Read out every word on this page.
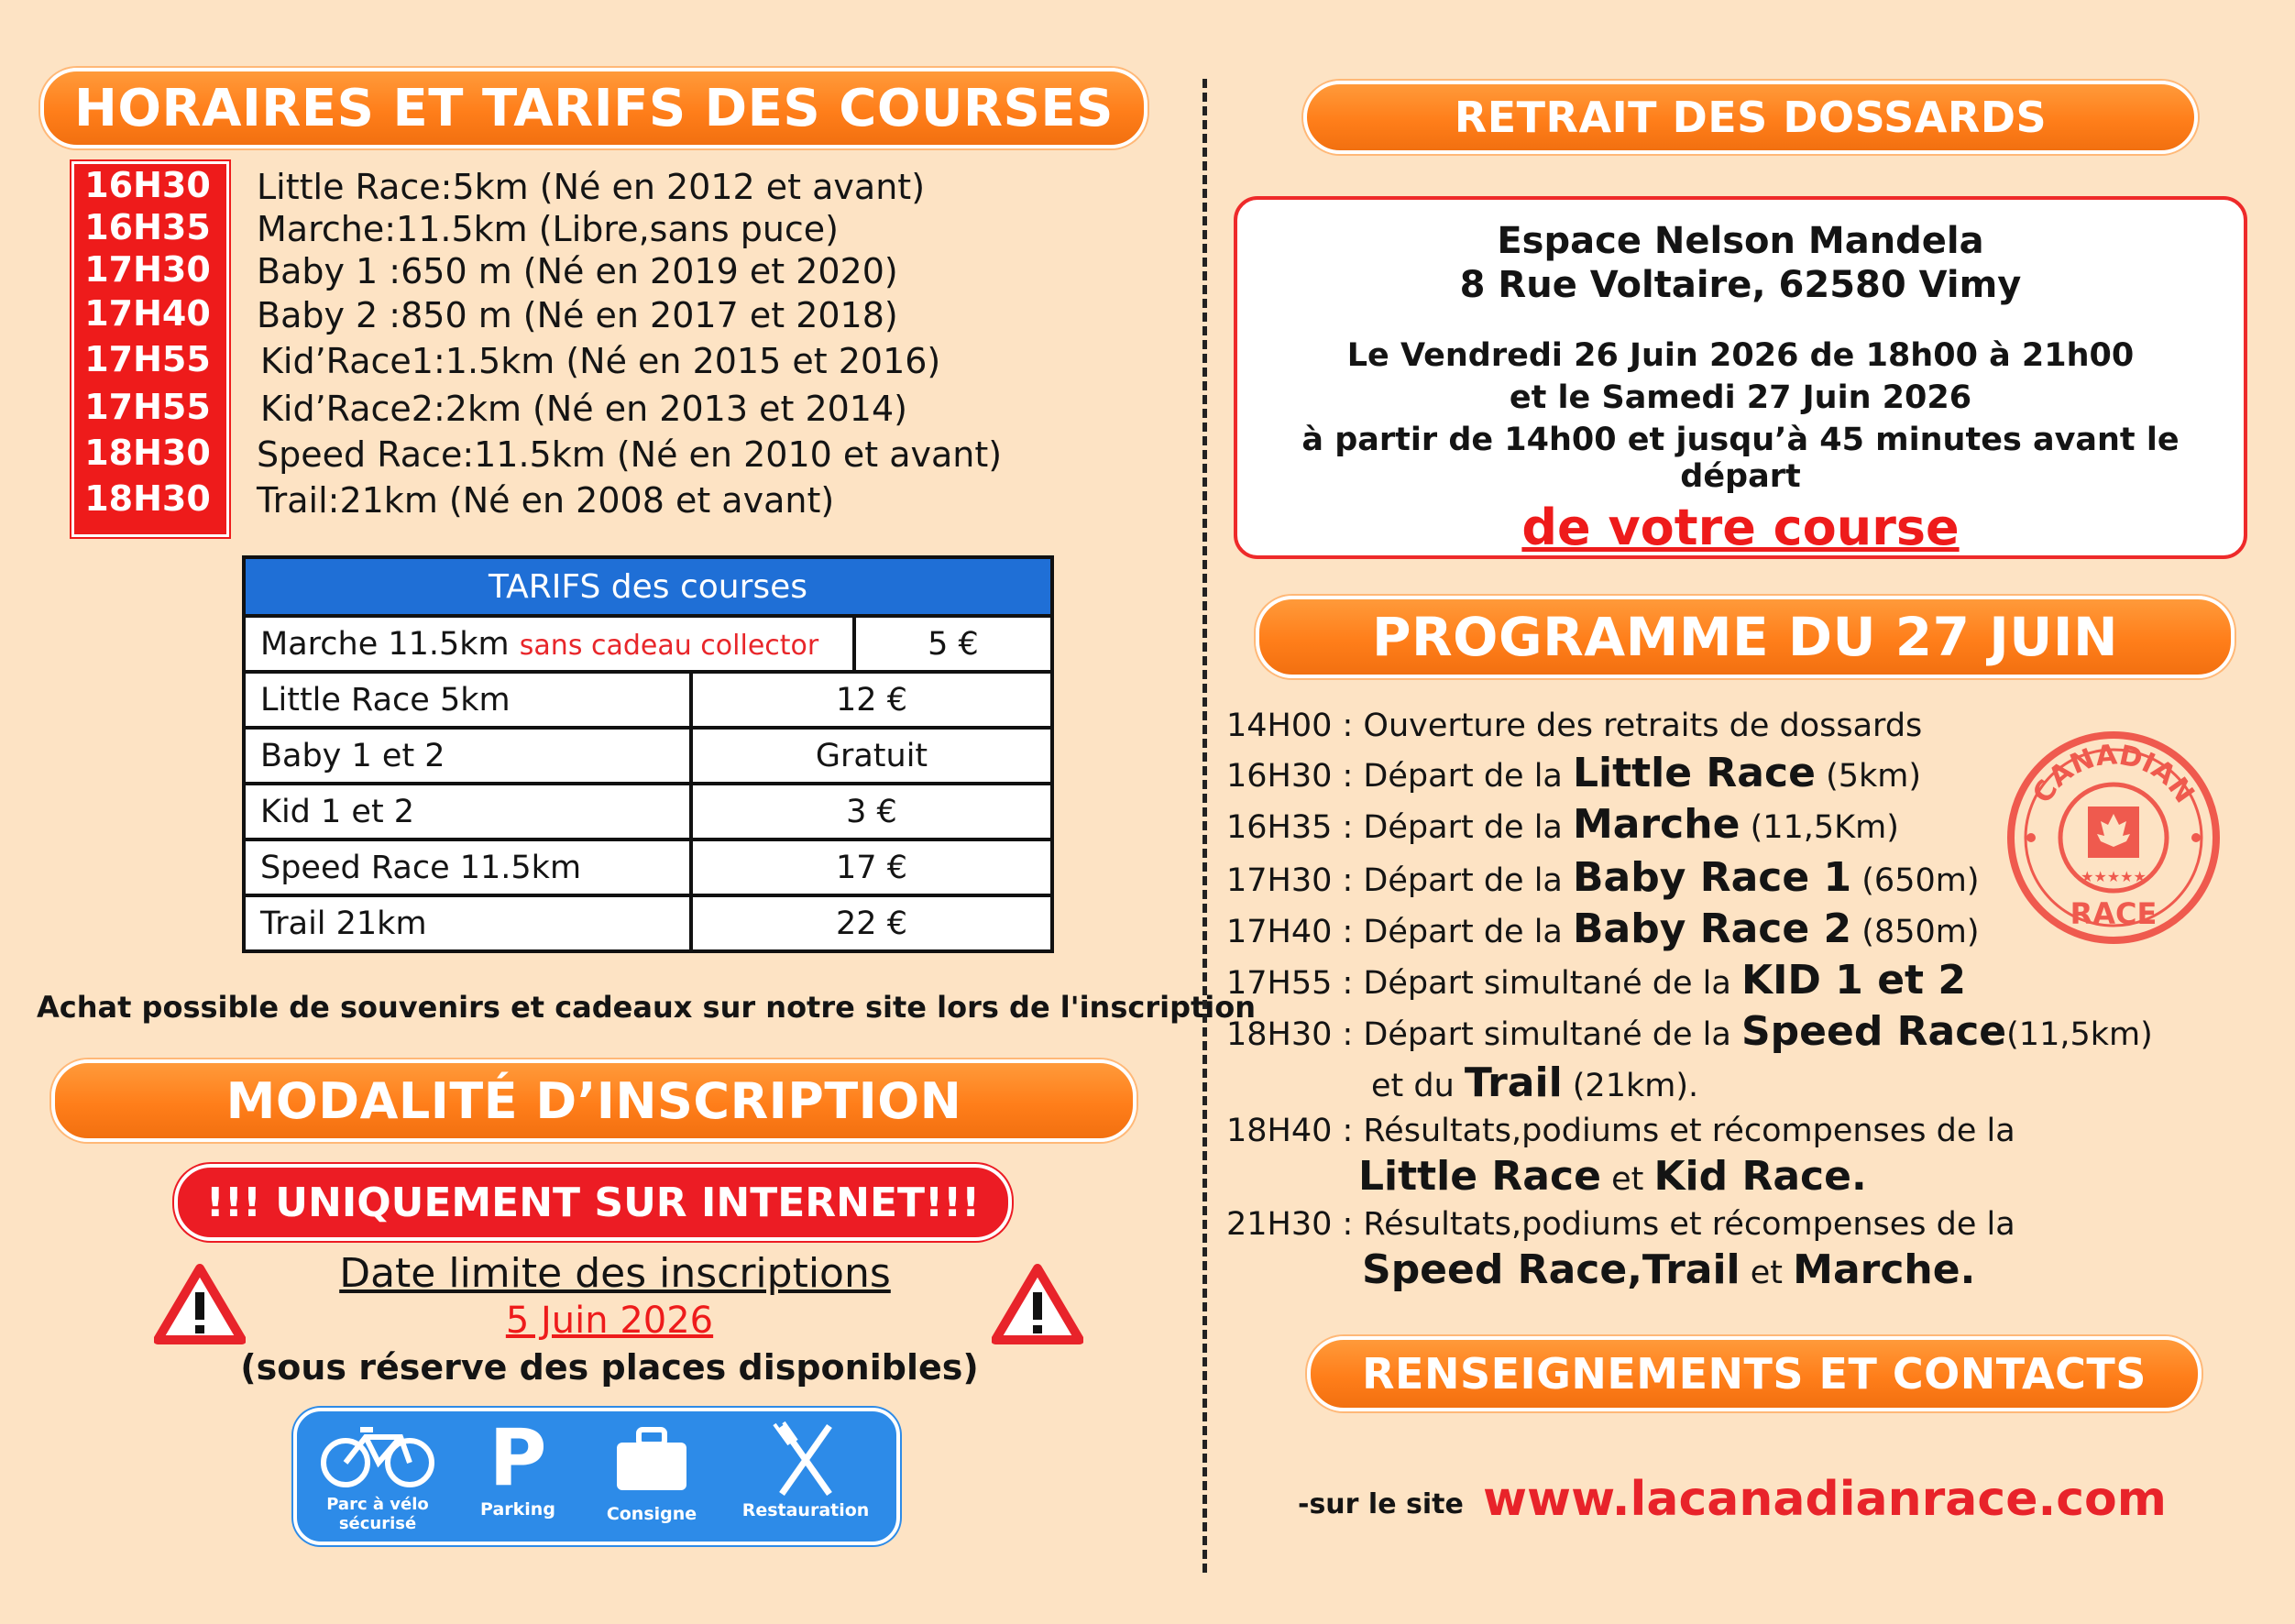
HORAIRES ET TARIFS DES COURSES
16H30	Little Race:5km (Né en 2012 et avant)
16H35	Marche:11.5km (Libre,sans puce)
17H30	Baby 1 :650 m (Né en 2019 et 2020)
17H40	Baby 2 :850 m (Né en 2017 et 2018)
17H55	Kid’Race1:1.5km (Né en 2015 et 2016)
17H55	Kid’Race2:2km (Né en 2013 et 2014)
18H30	Speed Race:11.5km (Né en 2010 et avant)
18H30	Trail:21km (Né en 2008 et avant)
TARIFS des courses		
Marche 11.5km sans cadeau collector		5 €
Little Race 5km	12 €	
Baby 1 et 2	Gratuit	
Kid 1 et 2	3 €	
Speed Race 11.5km	17 €	
Trail 21km	22 €	
Achat possible de souvenirs et cadeaux sur notre site lors de l'inscription
MODALITÉ D’INSCRIPTION
!!! UNIQUEMENT SUR INTERNET!!!
Date limite des inscriptions
5 Juin 2026
(sous réserve des places disponibles)
Parc à vélo
sécurisé
P
Parking	Consigne	Restauration
RETRAIT DES DOSSARDS
Espace Nelson Mandela
8 Rue Voltaire, 62580 Vimy
Le Vendredi 26 Juin 2026 de 18h00 à 21h00
et le Samedi 27 Juin 2026
à partir de 14h00 et jusqu’à 45 minutes avant le départ
de votre course
PROGRAMME DU 27 JUIN
14H00 : Ouverture des retraits de dossards
16H30 : Départ de la Little Race (5km)
16H35 : Départ de la Marche (11,5Km)
17H30 : Départ de la Baby Race 1 (650m)
17H40 : Départ de la Baby Race 2 (850m)
17H55 : Départ simultané de la KID 1 et 2
18H30 : Départ simultané de la Speed Race(11,5km)
et du Trail (21km).
18H40 : Résultats,podiums et récompenses de la
Little Race et Kid Race.
21H30 : Résultats,podiums et récompenses de la
Speed Race,Trail et Marche.
CANADIAN
RACE
★★★★★
RENSEIGNEMENTS ET CONTACTS
-sur le site www.lacanadianrace.com
